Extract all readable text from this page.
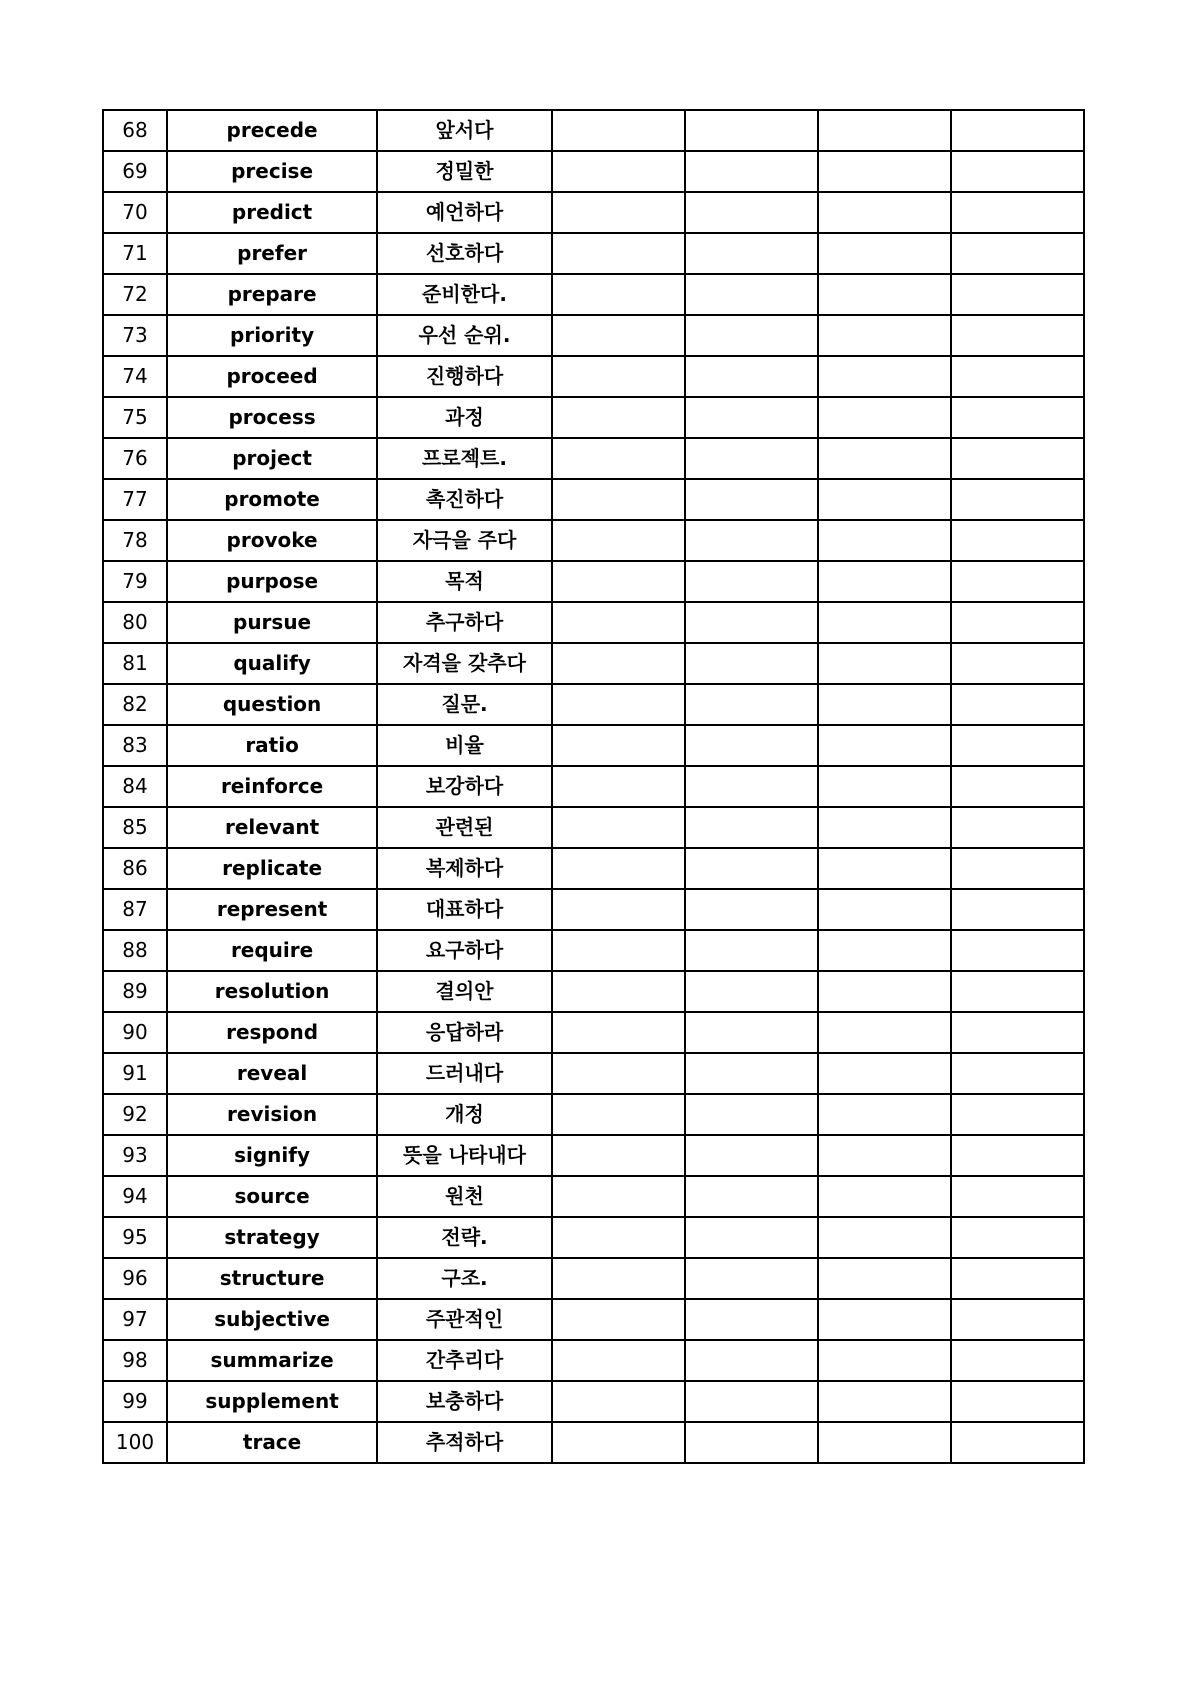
68	precede	앞서다				
69	precise	정밀한				
70	predict	예언하다				
71	prefer	선호하다				
72	prepare	준비한다.				
73	priority	우선 순위.				
74	proceed	진행하다				
75	process	과정				
76	project	프로젝트.				
77	promote	촉진하다				
78	provoke	자극을 주다				
79	purpose	목적				
80	pursue	추구하다				
81	qualify	자격을 갖추다				
82	question	질문.				
83	ratio	비율				
84	reinforce	보강하다				
85	relevant	관련된				
86	replicate	복제하다				
87	represent	대표하다				
88	require	요구하다				
89	resolution	결의안				
90	respond	응답하라				
91	reveal	드러내다				
92	revision	개정				
93	signify	뜻을 나타내다				
94	source	원천				
95	strategy	전략.				
96	structure	구조.				
97	subjective	주관적인				
98	summarize	간추리다				
99	supplement	보충하다				
100	trace	추적하다				
